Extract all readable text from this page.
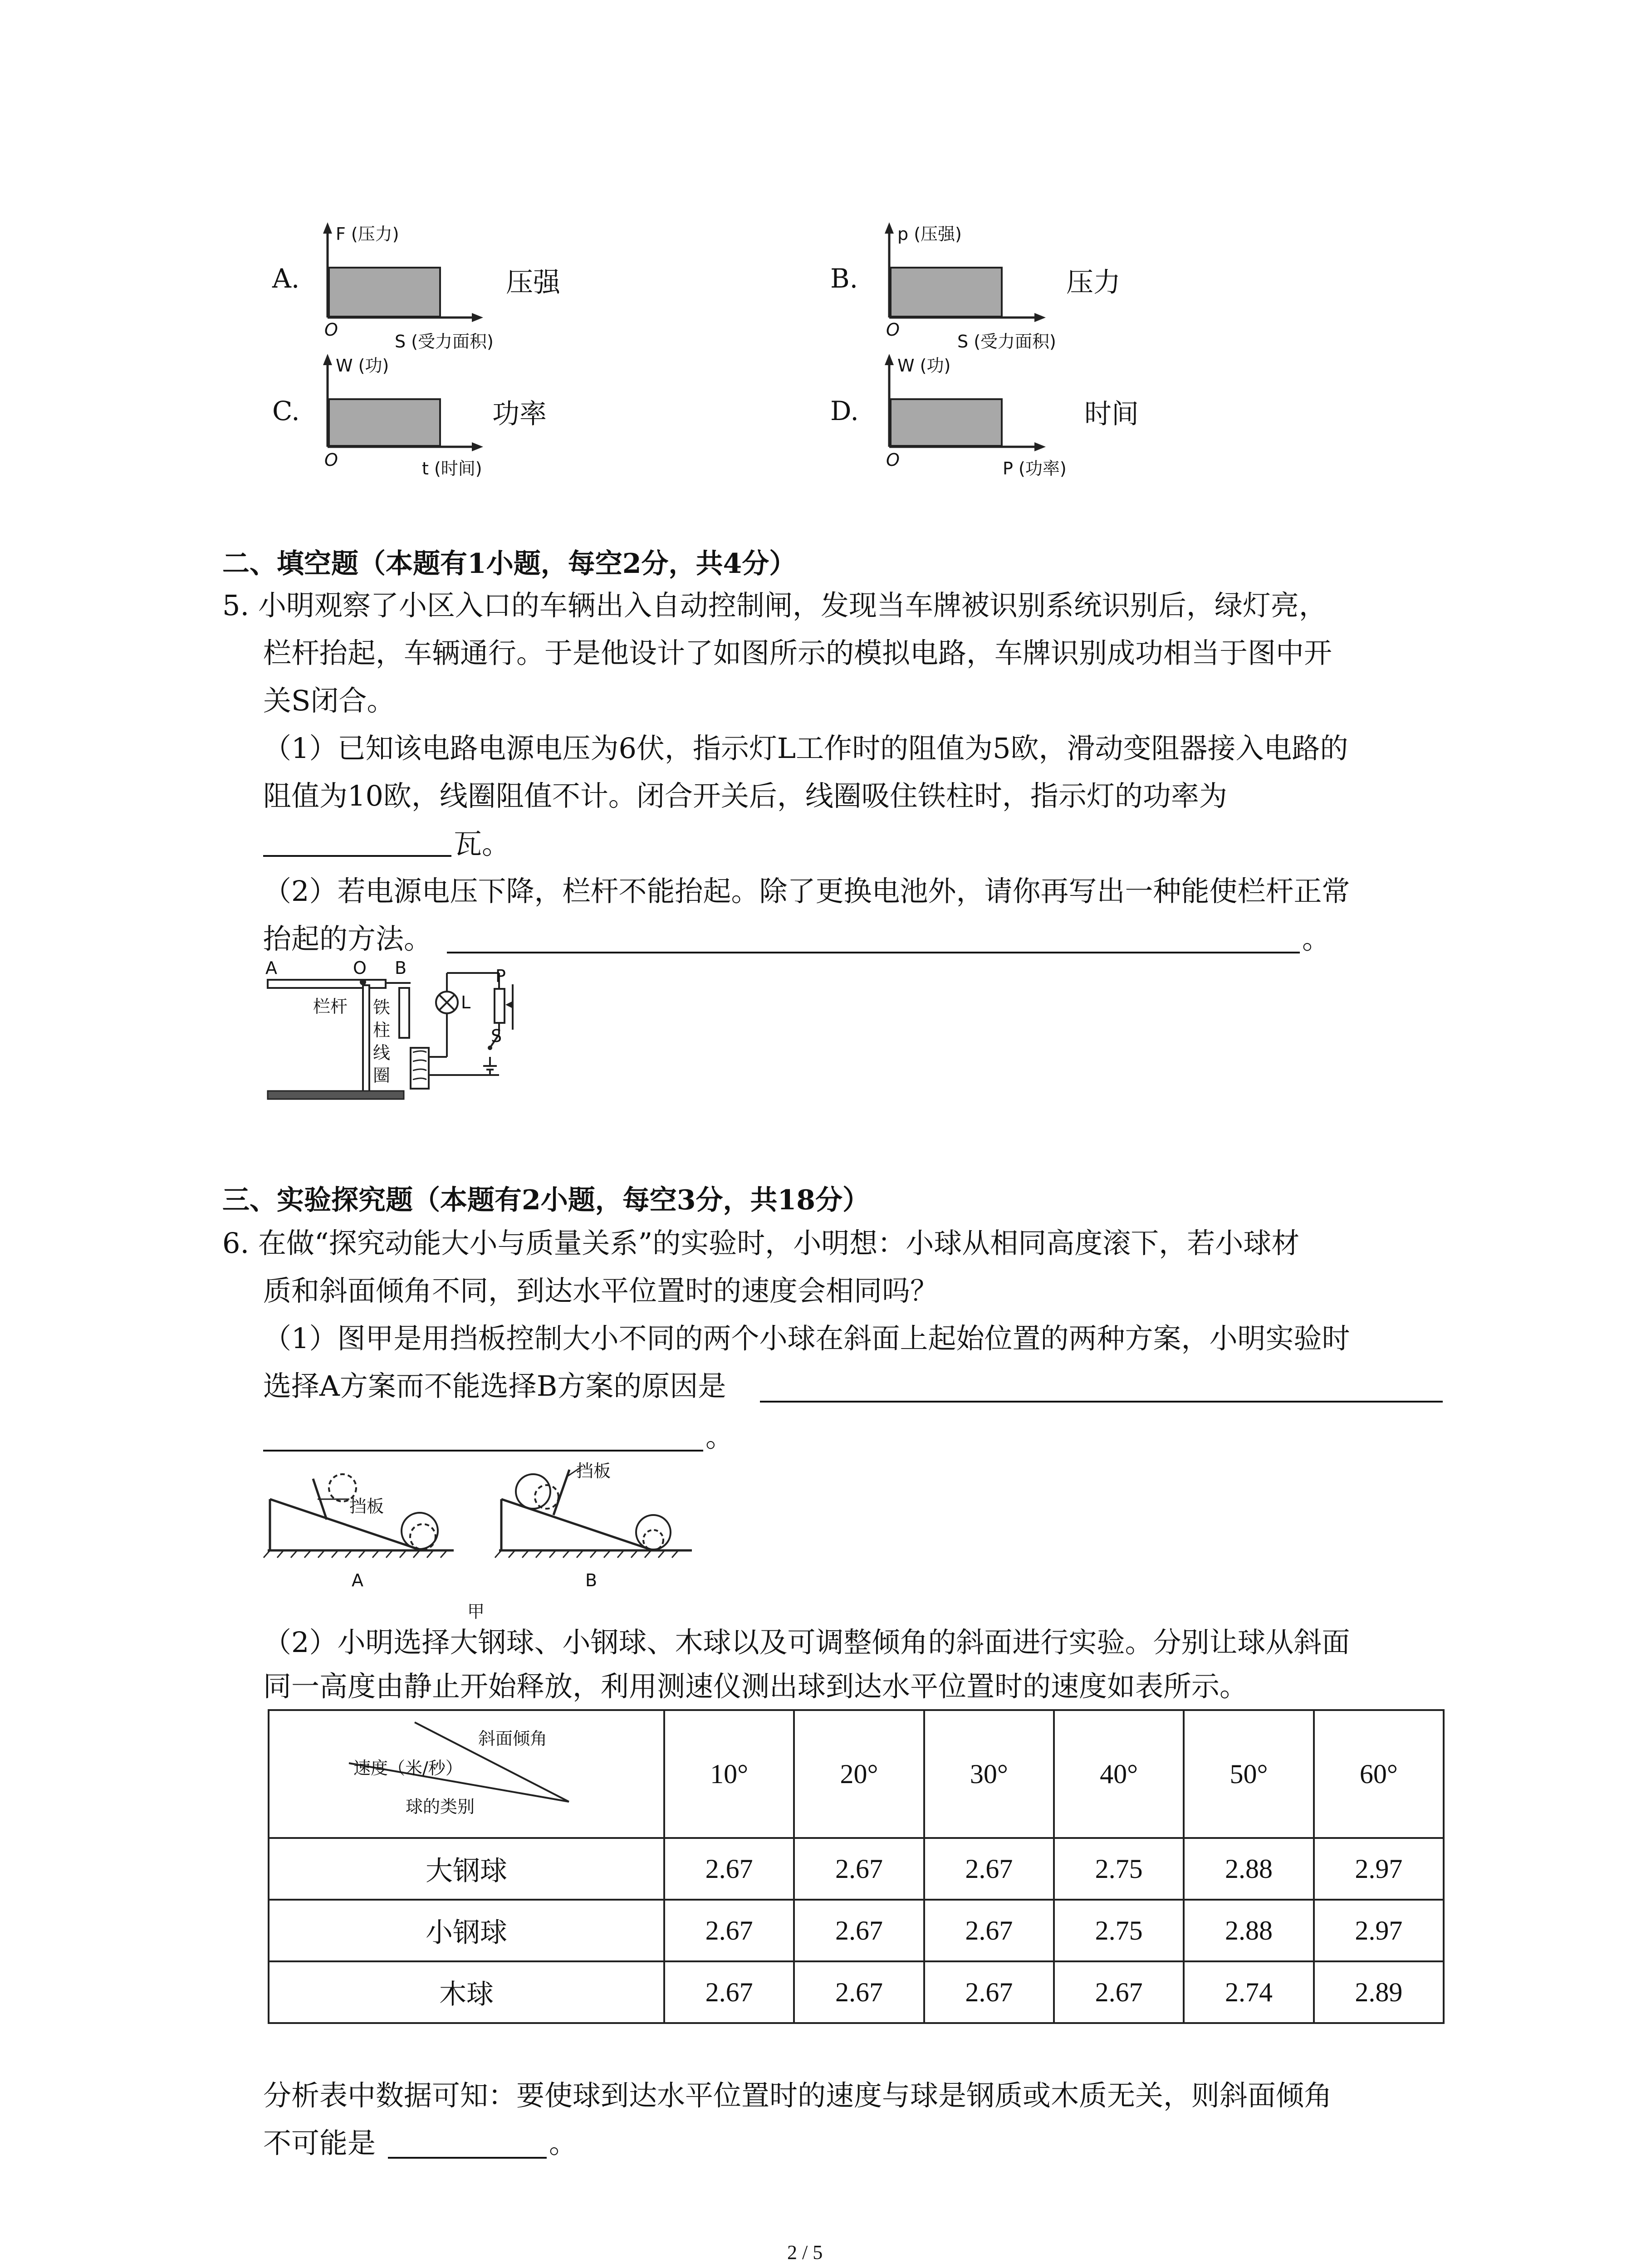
A.
F (压力)
O
S (受力面积)
压强	B.
p (压强)
O
S (受力面积)
压力
C.
W (功)
O	t (时间)
功率	D.
W (功)
O	P (功率)
时间
二、填空题（本题有1小题，每空2分，共4分）
5. 小明观察了小区入口的车辆出入自动控制闸，发现当车牌被识别系统识别后，绿灯亮，
栏杆抬起，车辆通行。于是他设计了如图所示的模拟电路，车牌识别成功相当于图中开
关S闭合。
（1）已知该电路电源电压为6伏，指示灯L工作时的阻值为5欧，滑动变阻器接入电路的
阻值为10欧，线圈阻值不计。闭合开关后，线圈吸住铁柱时，指示灯的功率为
瓦。
（2）若电源电压下降，栏杆不能抬起。除了更换电池外，请你再写出一种能使栏杆正常
抬起的方法。	。
A	O B	P
L
S
栏杆 铁
柱
线
圈
三、实验探究题（本题有2小题，每空3分，共18分）
6. 在做“探究动能大小与质量关系”的实验时，小明想：小球从相同高度滚下，若小球材
质和斜面倾角不同，到达水平位置时的速度会相同吗？
（1）图甲是用挡板控制大小不同的两个小球在斜面上起始位置的两种方案，小明实验时
选择A方案而不能选择B方案的原因是
。
挡板
挡板
A	B
甲
（2）小明选择大钢球、小钢球、木球以及可调整倾角的斜面进行实验。分别让球从斜面
同一高度由静止开始释放，利用测速仪测出球到达水平位置时的速度如表所示。
斜面倾角
速度（米/秒）
球的类别	10°	20°	30°	40°	50°	60°
大钢球	2.67	2.67	2.67	2.75	2.88	2.97
小钢球	2.67	2.67	2.67	2.75	2.88	2.97
木球	2.67	2.67	2.67	2.67	2.74	2.89
分析表中数据可知：要使球到达水平位置时的速度与球是钢质或木质无关，则斜面倾角
不可能是	。
2 / 5
